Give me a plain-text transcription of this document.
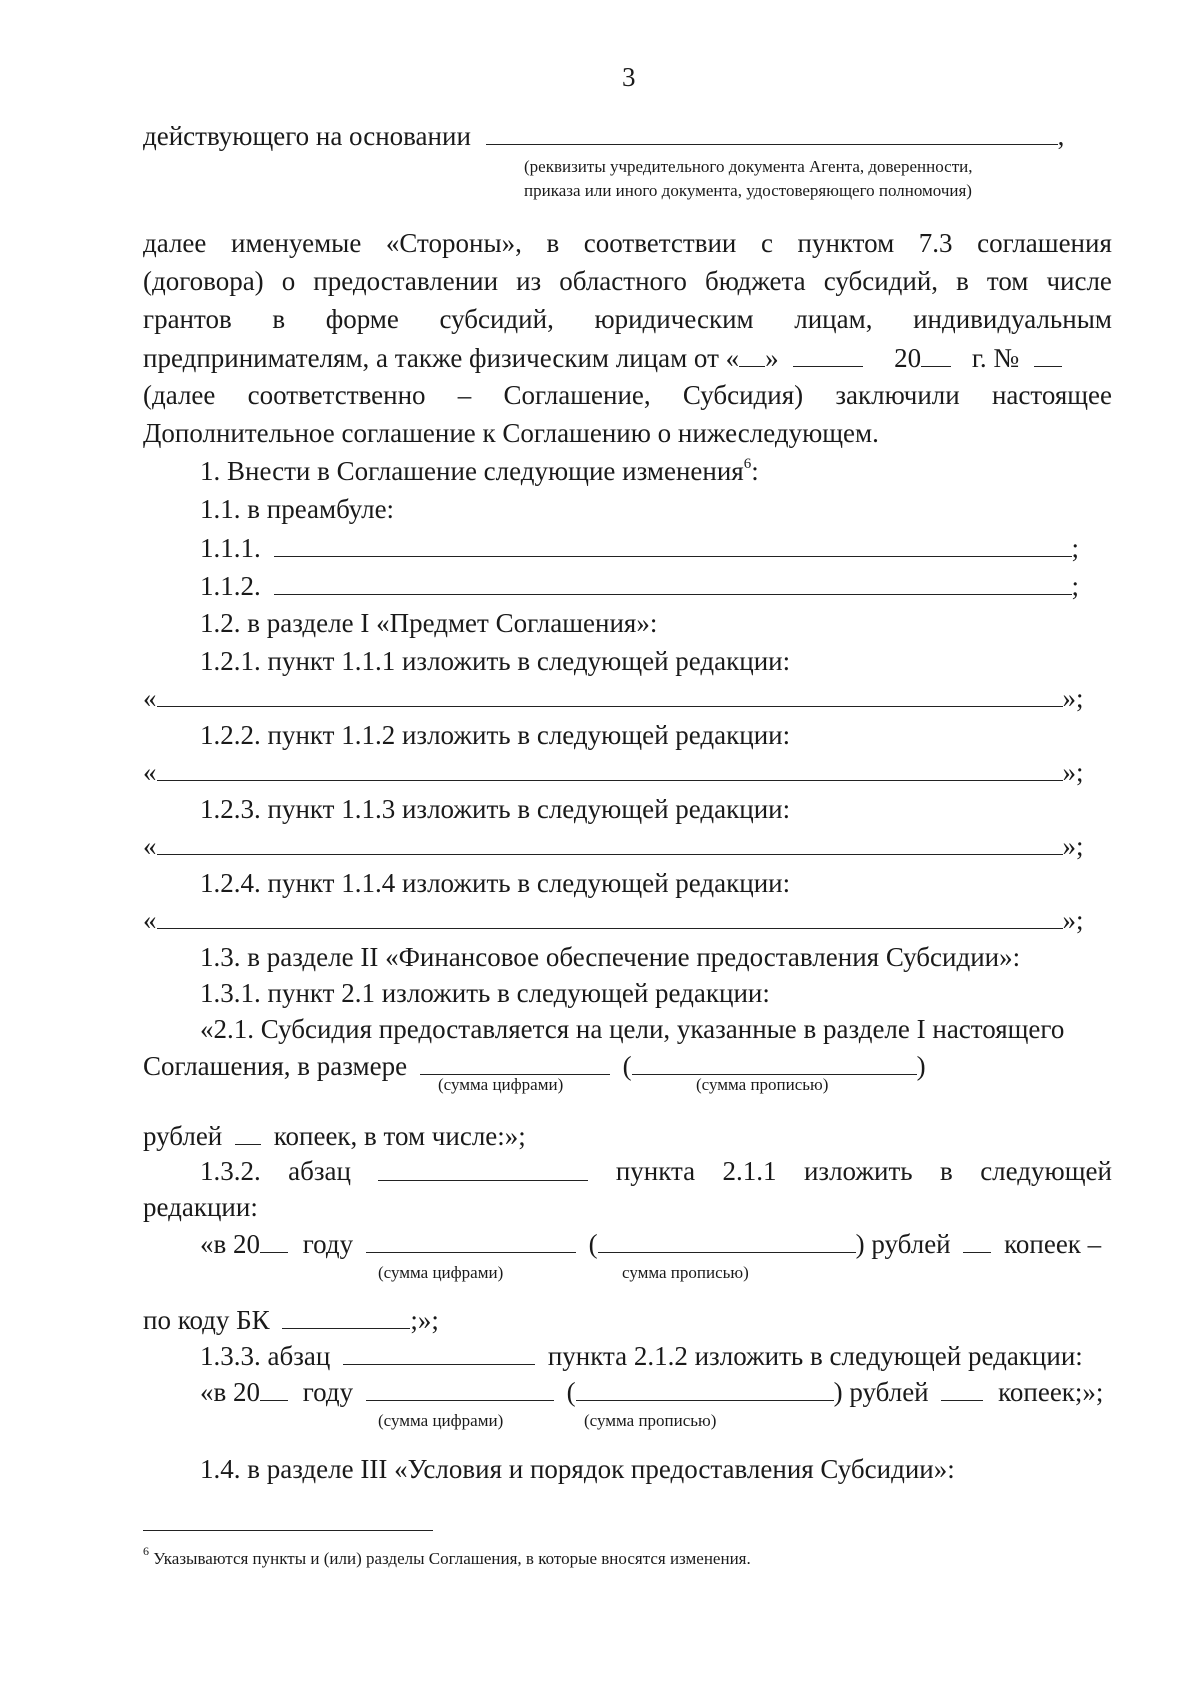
3
действующего на основании	,
(реквизиты учредительного документа Агента, доверенности,
приказа или иного документа, удостоверяющего полномочия)
далее именуемые «Стороны», в соответствии с пунктом 7.3 соглашения
(договора) о предоставлении из областного бюджета субсидий, в том числе
грантов в форме субсидий, юридическим лицам, индивидуальным
предпринимателям, а также физическим лицам от « »	20 г. №
(далее соответственно – Соглашение, Субсидия) заключили настоящее
Дополнительное соглашение к Соглашению о нижеследующем.
1. Внести в Соглашение следующие изменения$^6$:
1.1. в преамбуле:
1.1.1.	;
1.1.2.	;
1.2. в разделе I «Предмет Соглашения»:
1.2.1. пункт 1.1.1 изложить в следующей редакции:
«	»;
1.2.2. пункт 1.1.2 изложить в следующей редакции:
«	»;
1.2.3. пункт 1.1.3 изложить в следующей редакции:
«	»;
1.2.4. пункт 1.1.4 изложить в следующей редакции:
«	»;
1.3. в разделе II «Финансовое обеспечение предоставления Субсидии»:
1.3.1. пункт 2.1 изложить в следующей редакции:
«2.1. Субсидия предоставляется на цели, указанные в разделе I настоящего
Соглашения, в размере	(	)
(сумма цифрами)	(сумма прописью)
рублей копеек, в том числе:»;
1.3.2. абзац	пункта 2.1.1 изложить в следующей
редакции:
«в 20 году	(	) рублей копеек –
(сумма цифрами)	сумма прописью)
по коду БК	;»;
1.3.3. абзац	пункта 2.1.2 изложить в следующей редакции:
«в 20 году	(	) рублей	копеек;»;
(сумма цифрами)	(сумма прописью)
1.4. в разделе III «Условия и порядок предоставления Субсидии»:
$^6$ Указываются пункты и (или) разделы Соглашения, в которые вносятся изменения.
